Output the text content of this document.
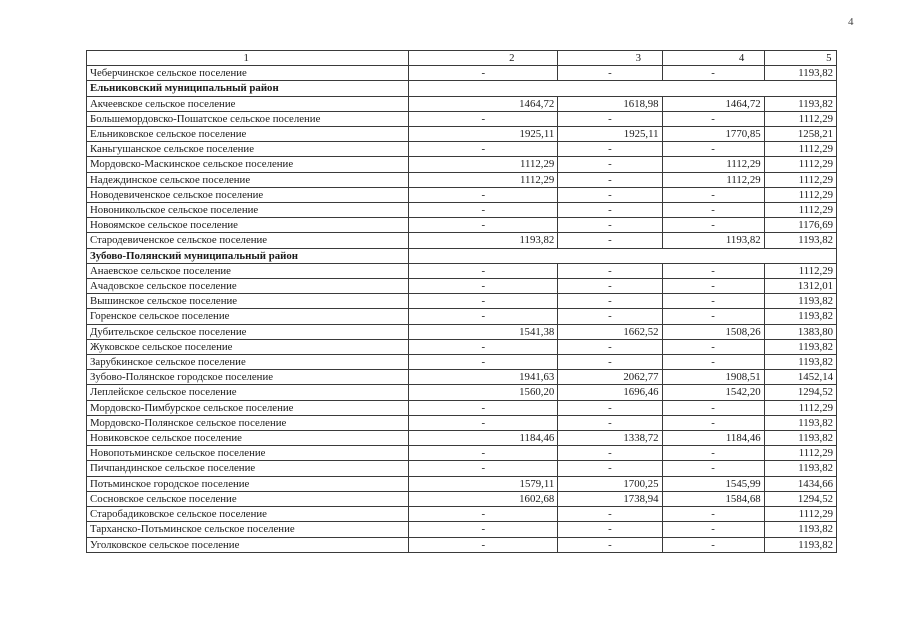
4
1	2	3	4	5
Чеберчинское сельское поселение	-	-	-	1193,82
Ельниковский муниципальный район				
Акчеевское сельское поселение	1464,72	1618,98	1464,72	1193,82
Большемордовско-Пошатское сельское поселение	-	-	-	1112,29
Ельниковское сельское поселение	1925,11	1925,11	1770,85	1258,21
Каньгушанское сельское поселение	-	-	-	1112,29
Мордовско-Маскинское сельское поселение	1112,29	-	1112,29	1112,29
Надеждинское сельское поселение	1112,29	-	1112,29	1112,29
Новодевиченское сельское поселение	-	-	-	1112,29
Новоникольское сельское поселение	-	-	-	1112,29
Новоямское сельское поселение	-	-	-	1176,69
Стародевиченское сельское поселение	1193,82	-	1193,82	1193,82
Зубово-Полянский муниципальный район				
Анаевское сельское поселение	-	-	-	1112,29
Ачадовское сельское поселение	-	-	-	1312,01
Вышинское сельское поселение	-	-	-	1193,82
Горенское сельское поселение	-	-	-	1193,82
Дубительское сельское поселение	1541,38	1662,52	1508,26	1383,80
Жуковское сельское поселение	-	-	-	1193,82
Зарубкинское сельское поселение	-	-	-	1193,82
Зубово-Полянское городское поселение	1941,63	2062,77	1908,51	1452,14
Леплейское сельское поселение	1560,20	1696,46	1542,20	1294,52
Мордовско-Пимбурское сельское поселение	-	-	-	1112,29
Мордовско-Полянское сельское поселение	-	-	-	1193,82
Новиковское сельское поселение	1184,46	1338,72	1184,46	1193,82
Новопотьминское сельское поселение	-	-	-	1112,29
Пичпандинское сельское поселение	-	-	-	1193,82
Потьминское городское поселение	1579,11	1700,25	1545,99	1434,66
Сосновское сельское поселение	1602,68	1738,94	1584,68	1294,52
Старобадиковское сельское поселение	-	-	-	1112,29
Тарханско-Потьминское сельское поселение	-	-	-	1193,82
Уголковское сельское поселение	-	-	-	1193,82
